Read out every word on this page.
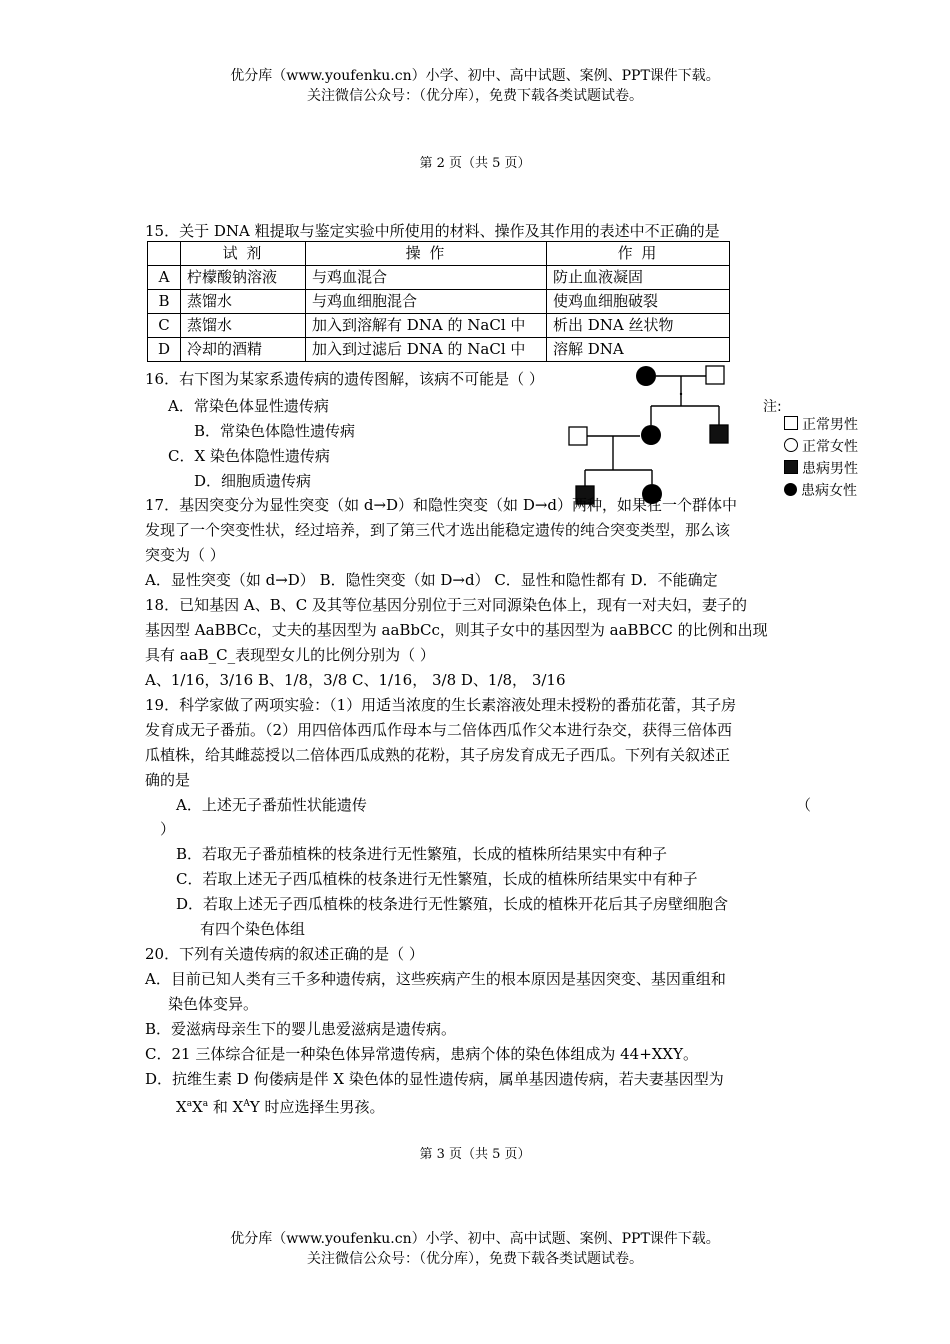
优分库（www.youfenku.cn）小学、初中、高中试题、案例、PPT课件下载。
关注微信公众号：（优分库），免费下载各类试题试卷。
第 2 页（共 5 页）
15．关于 DNA 粗提取与鉴定实验中所使用的材料、操作及其作用的表述中不正确的是
	试 剂	操 作	作 用
A	柠檬酸钠溶液	与鸡血混合	防止血液凝固
B	蒸馏水	与鸡血细胞混合	使鸡血细胞破裂
C	蒸馏水	加入到溶解有 DNA 的 NaCl 中	析出 DNA 丝状物
D	冷却的酒精	加入到过滤后 DNA 的 NaCl 中	溶解 DNA
16．右下图为某家系遗传病的遗传图解，该病不可能是（ ）
A．常染色体显性遗传病
B．常染色体隐性遗传病
C．X 染色体隐性遗传病
D．细胞质遗传病
注:
正常男性
正常女性
患病男性
患病女性
17．基因突变分为显性突变（如 d→D）和隐性突变（如 D→d）两种，如果在一个群体中
发现了一个突变性状，经过培养，到了第三代才选出能稳定遗传的纯合突变类型，那么该
突变为（ ）
A．显性突变（如 d→D） B．隐性突变（如 D→d） C．显性和隐性都有 D．不能确定
18．已知基因 A、B、C 及其等位基因分别位于三对同源染色体上，现有一对夫妇，妻子的
基因型 AaBBCc，丈夫的基因型为 aaBbCc，则其子女中的基因型为 aaBBCC 的比例和出现
具有 aaB_C_表现型女儿的比例分别为（ ）
A、1/16，3/16 B、1/8，3/8 C、1/16， 3/8 D、1/8， 3/16
19．科学家做了两项实验：（1）用适当浓度的生长素溶液处理未授粉的番茄花蕾，其子房
发育成无子番茄。（2）用四倍体西瓜作母本与二倍体西瓜作父本进行杂交，获得三倍体西
瓜植株，给其雌蕊授以二倍体西瓜成熟的花粉，其子房发育成无子西瓜。下列有关叙述正
确的是
A．上述无子番茄性状能遗传	（
）
B．若取无子番茄植株的枝条进行无性繁殖，长成的植株所结果实中有种子
C．若取上述无子西瓜植株的枝条进行无性繁殖，长成的植株所结果实中有种子
D．若取上述无子西瓜植株的枝条进行无性繁殖，长成的植株开花后其子房壁细胞含
有四个染色体组
20．下列有关遗传病的叙述正确的是（ ）
A．目前已知人类有三千多种遗传病，这些疾病产生的根本原因是基因突变、基因重组和
染色体变异。
B．爱滋病母亲生下的婴儿患爱滋病是遗传病。
C．21 三体综合征是一种染色体异常遗传病，患病个体的染色体组成为 44+XXY。
D．抗维生素 D 佝偻病是伴 X 染色体的显性遗传病，属单基因遗传病，若夫妻基因型为
$X^aX^a$ 和 $X^AY$ 时应选择生男孩。
第 3 页（共 5 页）
优分库（www.youfenku.cn）小学、初中、高中试题、案例、PPT课件下载。
关注微信公众号：（优分库），免费下载各类试题试卷。
